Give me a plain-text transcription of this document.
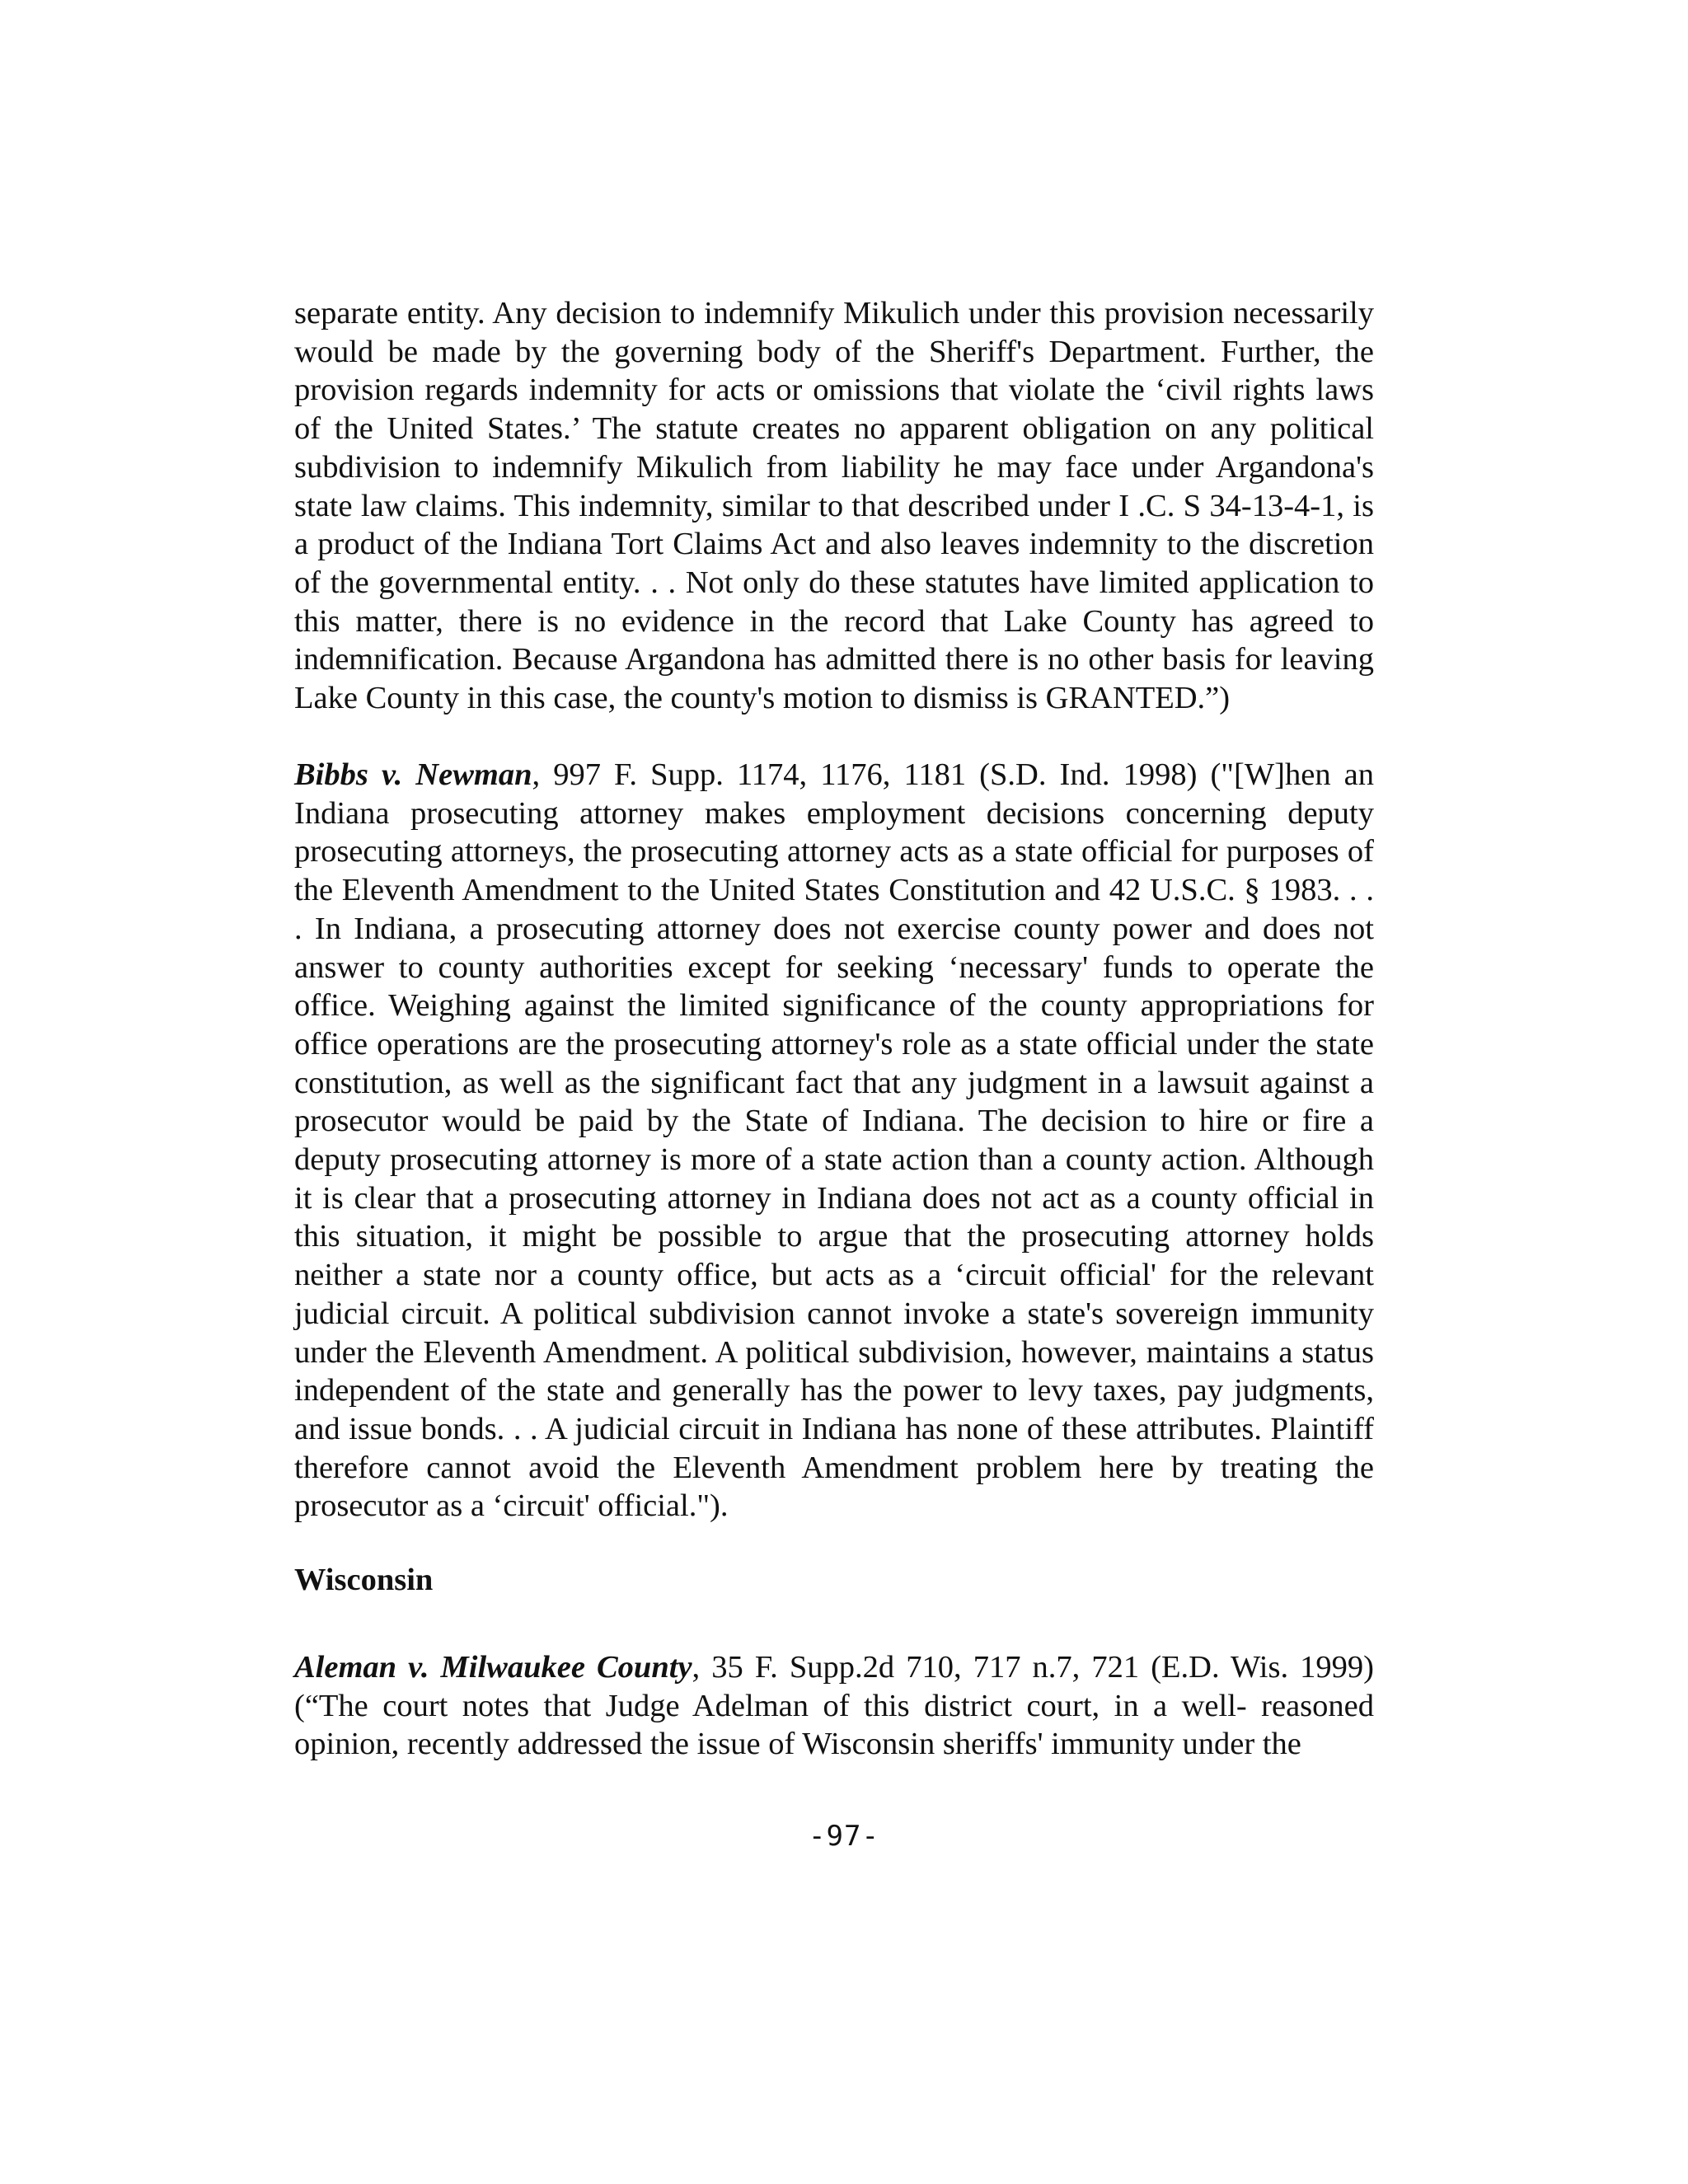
separate entity. Any decision to indemnify Mikulich under this provision necessarily would be made by the governing body of the Sheriff's Department. Further, the provision regards indemnity for acts or omissions that violate the ‘civil rights laws of the United States.’ The statute creates no apparent obligation on any political subdivision to indemnify Mikulich from liability he may face under Argandona's state law claims. This indemnity, similar to that described under I .C. S 34-13-4-1, is a product of the Indiana Tort Claims Act and also leaves indemnity to the discretion of the governmental entity. . . Not only do these statutes have limited application to this matter, there is no evidence in the record that Lake County has agreed to indemnification. Because Argandona has admitted there is no other basis for leaving Lake County in this case, the county's motion to dismiss is GRANTED.”)

Bibbs v. Newman, 997 F. Supp. 1174, 1176, 1181 (S.D. Ind. 1998) ("[W]hen an Indiana prosecuting attorney makes employment decisions concerning deputy prosecuting attorneys, the prosecuting attorney acts as a state official for purposes of the Eleventh Amendment to the United States Constitution and 42 U.S.C. § 1983. . . . In Indiana, a prosecuting attorney does not exercise county power and does not answer to county authorities except for seeking ‘necessary' funds to operate the office. Weighing against the limited significance of the county appropriations for office operations are the prosecuting attorney's role as a state official under the state constitution, as well as the significant fact that any judgment in a lawsuit against a prosecutor would be paid by the State of Indiana. The decision to hire or fire a deputy prosecuting attorney is more of a state action than a county action. Although it is clear that a prosecuting attorney in Indiana does not act as a county official in this situation, it might be possible to argue that the prosecuting attorney holds neither a state nor a county office, but acts as a ‘circuit official' for the relevant judicial circuit. A political subdivision cannot invoke a state's sovereign immunity under the Eleventh Amendment. A political subdivision, however, maintains a status independent of the state and generally has the power to levy taxes, pay judgments, and issue bonds. . . A judicial circuit in Indiana has none of these attributes. Plaintiff therefore cannot avoid the Eleventh Amendment problem here by treating the prosecutor as a ‘circuit' official.").

Wisconsin

Aleman v. Milwaukee County, 35 F. Supp.2d 710, 717 n.7, 721 (E.D. Wis. 1999) (“The court notes that Judge Adelman of this district court, in a well- reasoned opinion, recently addressed the issue of Wisconsin sheriffs' immunity under the

-97-
